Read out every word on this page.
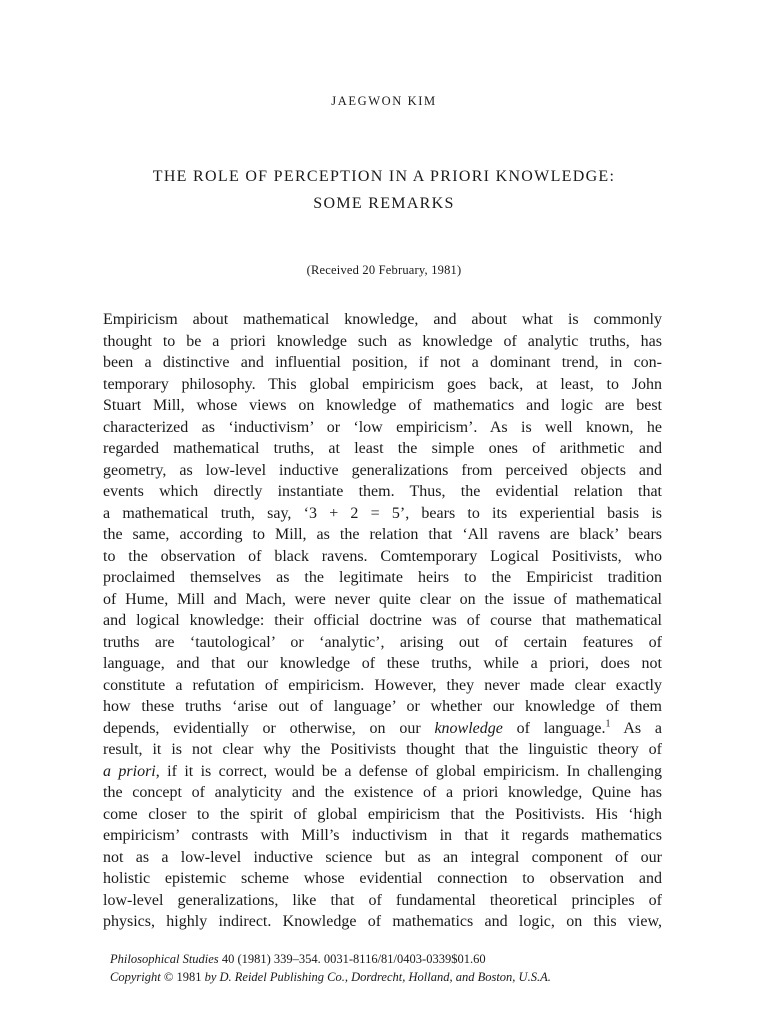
JAEGWON KIM
THE ROLE OF PERCEPTION IN A PRIORI KNOWLEDGE:
SOME REMARKS
(Received 20 February, 1981)
Empiricism about mathematical knowledge, and about what is commonly
thought to be a priori knowledge such as knowledge of analytic truths, has
been a distinctive and influential position, if not a dominant trend, in con-
temporary philosophy. This global empiricism goes back, at least, to John
Stuart Mill, whose views on knowledge of mathematics and logic are best
characterized as ‘inductivism’ or ‘low empiricism’. As is well known, he
regarded mathematical truths, at least the simple ones of arithmetic and
geometry, as low-level inductive generalizations from perceived objects and
events which directly instantiate them. Thus, the evidential relation that
a mathematical truth, say, ‘3 + 2 = 5’, bears to its experiential basis is
the same, according to Mill, as the relation that ‘All ravens are black’ bears
to the observation of black ravens. Comtemporary Logical Positivists, who
proclaimed themselves as the legitimate heirs to the Empiricist tradition
of Hume, Mill and Mach, were never quite clear on the issue of mathematical
and logical knowledge: their official doctrine was of course that mathematical
truths are ‘tautological’ or ‘analytic’, arising out of certain features of
language, and that our knowledge of these truths, while a priori, does not
constitute a refutation of empiricism. However, they never made clear exactly
how these truths ‘arise out of language’ or whether our knowledge of them
depends, evidentially or otherwise, on our knowledge of language.$^1$ As a
result, it is not clear why the Positivists thought that the linguistic theory of
a priori, if it is correct, would be a defense of global empiricism. In challenging
the concept of analyticity and the existence of a priori knowledge, Quine has
come closer to the spirit of global empiricism that the Positivists. His ‘high
empiricism’ contrasts with Mill’s inductivism in that it regards mathematics
not as a low-level inductive science but as an integral component of our
holistic epistemic scheme whose evidential connection to observation and
low-level generalizations, like that of fundamental theoretical principles of
physics, highly indirect. Knowledge of mathematics and logic, on this view,
Philosophical Studies 40 (1981) 339–354. 0031-8116/81/0403-0339$01.60
Copyright © 1981 by D. Reidel Publishing Co., Dordrecht, Holland, and Boston, U.S.A.
